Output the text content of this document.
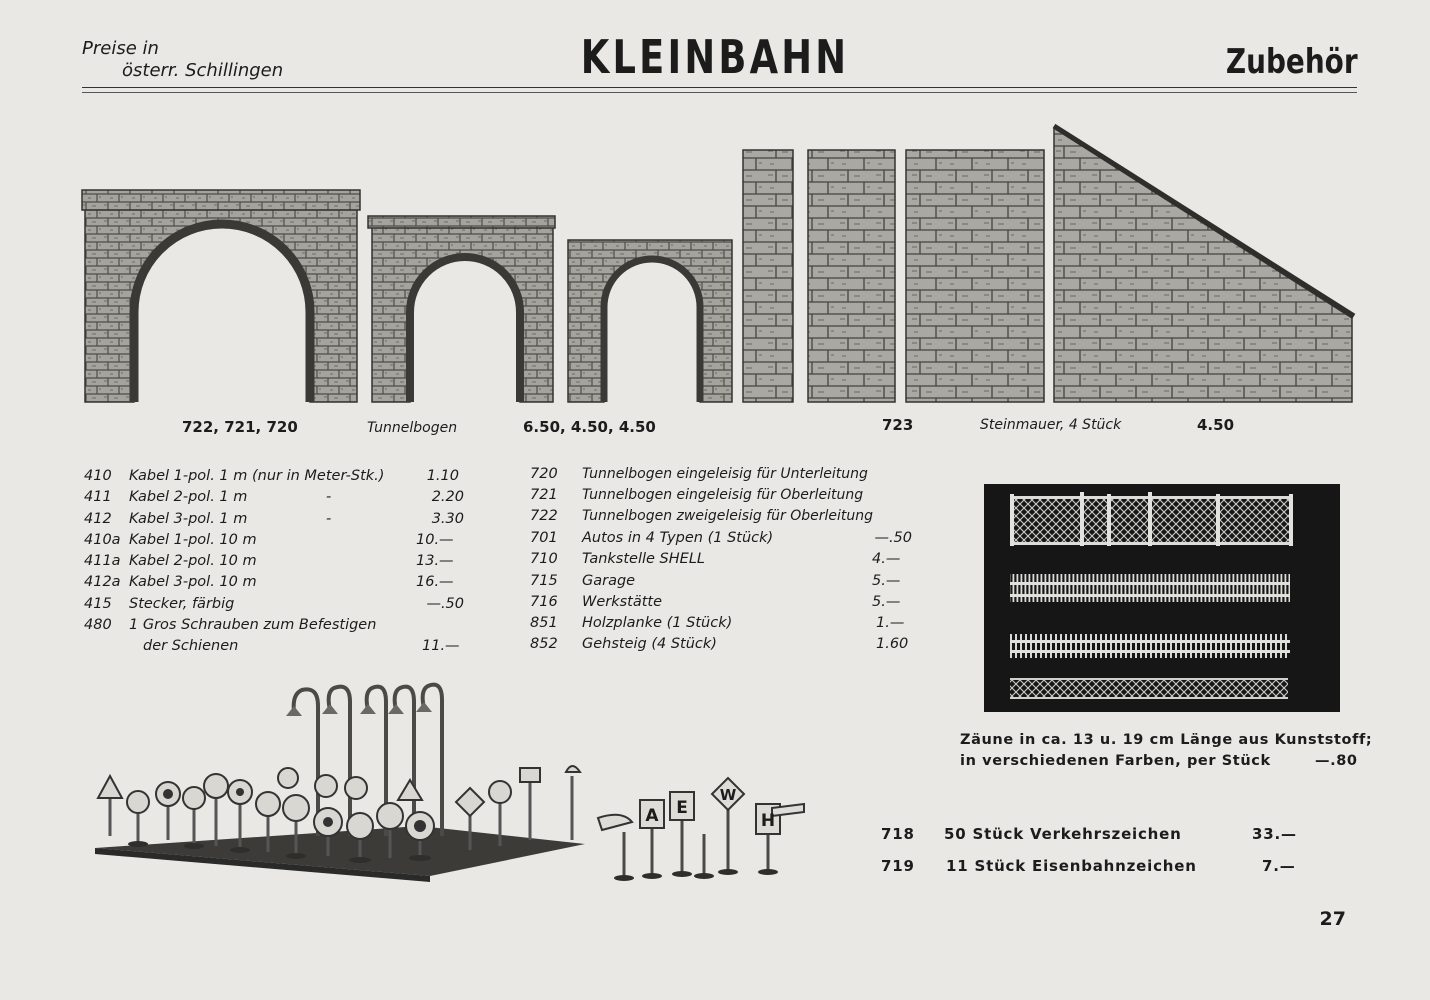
Preise in
österr. Schillingen	KLEINBAHN	Zubehör
722, 721, 720	Tunnelbogen	6.50, 4.50, 4.50	723	Steinmauer, 4 Stück	4.50
410 Kabel 1-pol. 1 m (nur in Meter-Stk.)	1.10
411 Kabel 2-pol. 1 m	-	2.20
412 Kabel 3-pol. 1 m	-	3.30
410a Kabel 1-pol. 10 m	10.—
411a Kabel 2-pol. 10 m	13.—
412a Kabel 3-pol. 10 m	16.—
415 Stecker, färbig	—.50
480 1 Gros Schrauben zum Befestigen
der Schienen	11.—
720 Tunnelbogen eingeleisig für Unterleitung
721 Tunnelbogen eingeleisig für Oberleitung
722 Tunnelbogen zweigeleisig für Oberleitung
701 Autos in 4 Typen (1 Stück)	—.50
710 Tankstelle SHELL	4.—
715 Garage	5.—
716 Werkstätte	5.—
851 Holzplanke (1 Stück)	1.—
852 Gehsteig (4 Stück)	1.60
Zäune in ca. 13 u. 19 cm Länge aus Kunststoff;
in verschiedenen Farben, per Stück	—.80
A E
W
H
718 50 Stück Verkehrszeichen	33.—
719 11 Stück Eisenbahnzeichen	7.—
27
